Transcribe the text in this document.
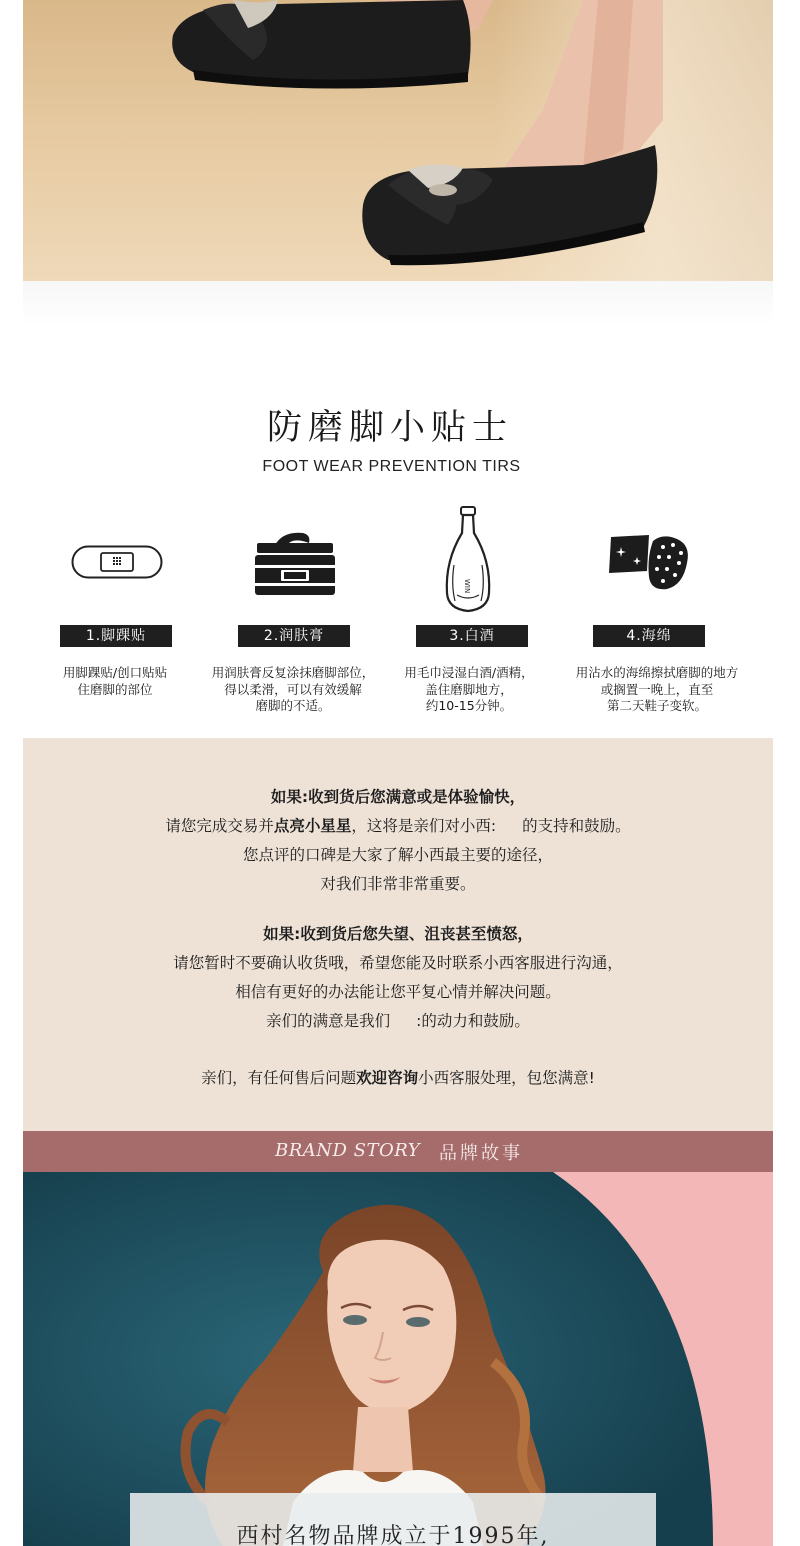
防磨脚小贴士
FOOT WEAR PREVENTION TIRS
1.脚踝贴
用脚踝贴/创口贴贴
住磨脚的部位
2.润肤膏
用润肤膏反复涂抹磨脚部位，
得以柔滑，可以有效缓解
磨脚的不适。
WIN
3.白酒
用毛巾浸湿白酒/酒精，
盖住磨脚地方，
约10-15分钟。
4.海绵
用沾水的海绵擦拭磨脚的地方
或搁置一晚上，直至
第二天鞋子变软。

如果:收到货后您满意或是体验愉快，

请您完成交易并点亮小星星，这将是亲们对小西: 的支持和鼓励。

您点评的口碑是大家了解小西最主要的途径，

对我们非常非常重要。

如果:收到货后您失望、沮丧甚至愤怒，

请您暂时不要确认收货哦，希望您能及时联系小西客服进行沟通，

相信有更好的办法能让您平复心情并解决问题。

亲们的满意是我们 :的动力和鼓励。

亲们，有任何售后问题欢迎咨询小西客服处理，包您满意!

BRAND STORY 品牌故事
西村名物品牌成立于1995年,
